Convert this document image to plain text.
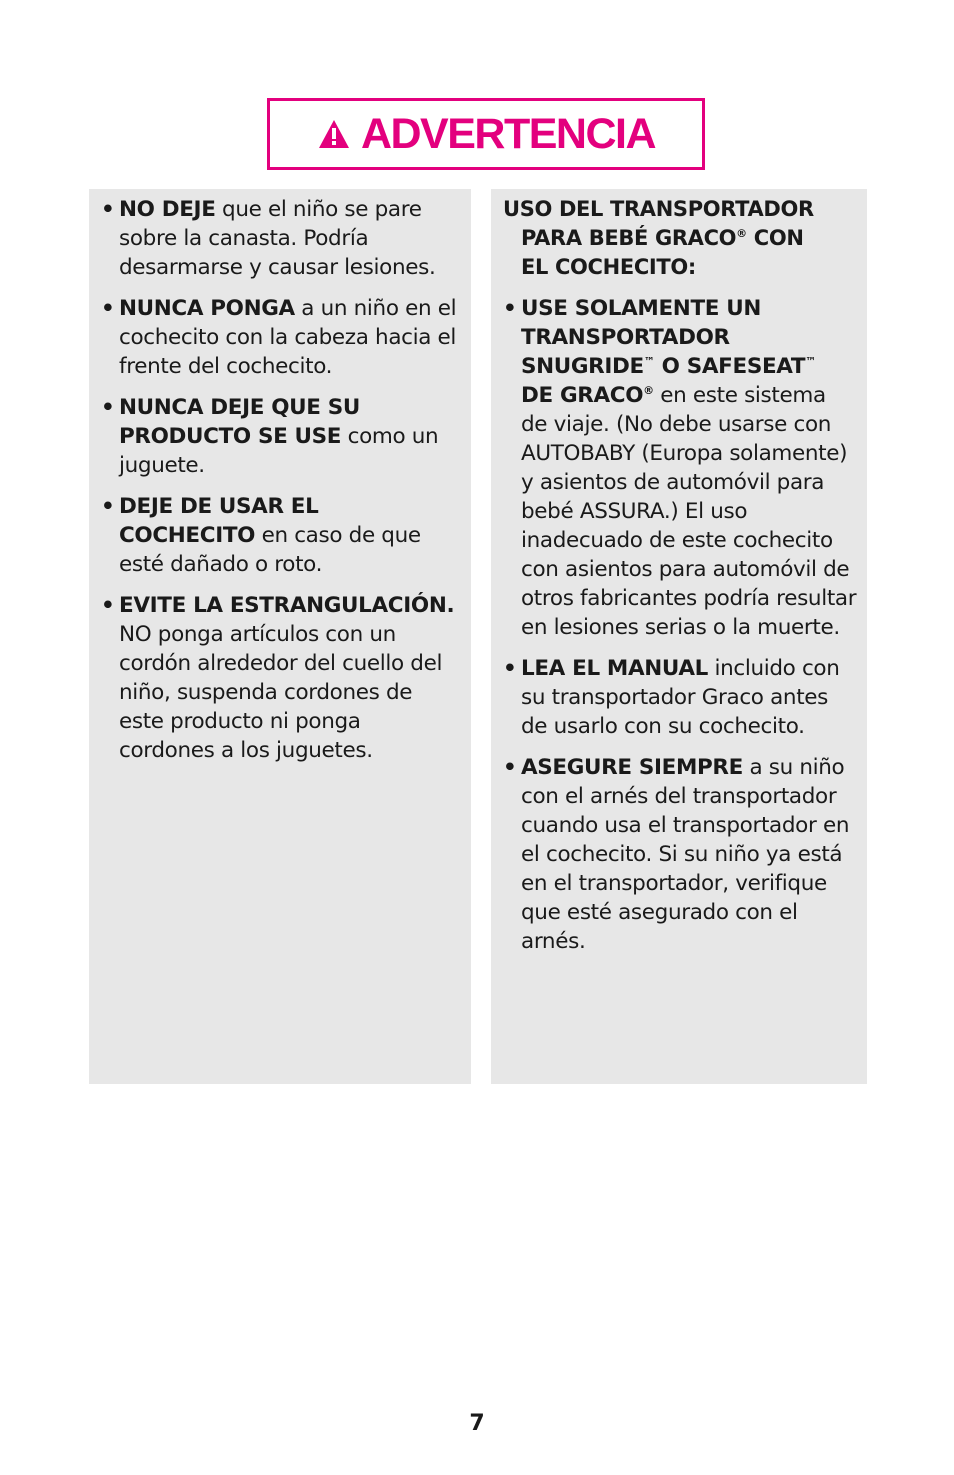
ADVERTENCIA
• NO DEJE que el niño se pare sobre la canasta. Podría desarmarse y causar lesiones.
• NUNCA PONGA a un niño en el cochecito con la cabeza hacia el frente del cochecito.
• NUNCA DEJE QUE SU PRODUCTO SE USE como un juguete.
• DEJE DE USAR EL COCHECITO en caso de que esté dañado o roto.
• EVITE LA ESTRANGULACIÓN. NO ponga artículos con un cordón alrededor del cuello del niño, suspenda cordones de este producto ni ponga cordones a los juguetes.
USO DEL TRANSPORTADOR
PARA BEBÉ GRACO® CON
EL COCHECITO:
• USE SOLAMENTE UN TRANSPORTADOR SNUGRIDE™ O SAFESEAT™
DE GRACO® en este sistema de viaje. (No debe usarse con AUTOBABY (Europa solamente) y asientos de automóvil para bebé ASSURA.) El uso inadecuado de este cochecito con asientos para automóvil de otros fabricantes podría resultar en lesiones serias o la muerte.
• LEA EL MANUAL incluido con su transportador Graco antes de usarlo con su cochecito.
• ASEGURE SIEMPRE a su niño con el arnés del transportador cuando usa el transportador en el cochecito. Si su niño ya está en el transportador, verifique que esté asegurado con el arnés.
7
